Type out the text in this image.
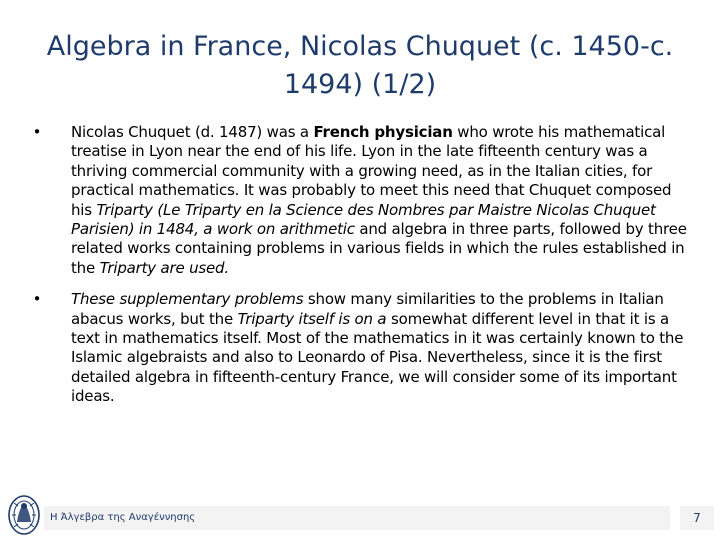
Algebra in France, Nicolas Chuquet (c. 1450-c.
1494) (1/2)
• Nicolas Chuquet (d. 1487) was a French physician who wrote his mathematical treatise in Lyon near the end of his life. Lyon in the late fifteenth century was a thriving commercial community with a growing need, as in the Italian cities, for practical mathematics. It was probably to meet this need that Chuquet composed his Triparty (Le Triparty en la Science des Nombres par Maistre Nicolas Chuquet Parisien) in 1484, a work on arithmetic and algebra in three parts, followed by three related works containing problems in various fields in which the rules established in the Triparty are used.
• These supplementary problems show many similarities to the problems in Italian abacus works, but the Triparty itself is on a somewhat different level in that it is a text in mathematics itself. Most of the mathematics in it was certainly known to the Islamic algebraists and also to Leonardo of Pisa. Nevertheless, since it is the first detailed algebra in fifteenth-century France, we will consider some of its important ideas.
Η Άλγεβρα της Αναγέννησης	7
